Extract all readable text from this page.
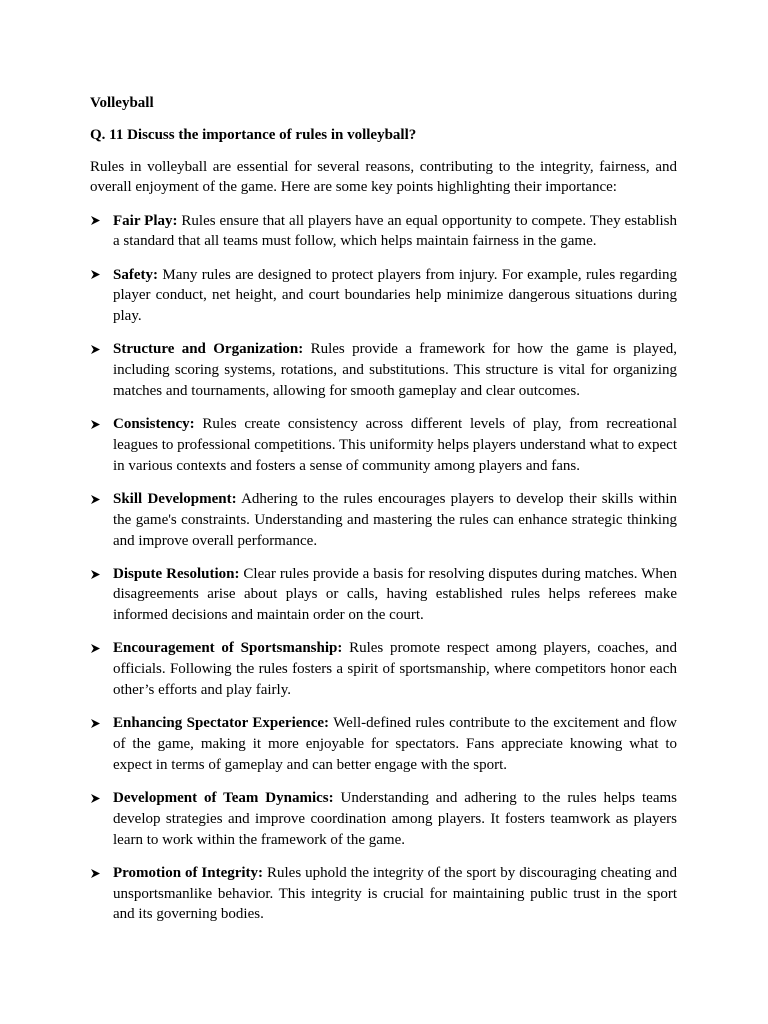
Volleyball

Q. 11 Discuss the importance of rules in volleyball?

Rules in volleyball are essential for several reasons, contributing to the integrity, fairness, and overall enjoyment of the game. Here are some key points highlighting their importance:

Fair Play: Rules ensure that all players have an equal opportunity to compete. They establish a standard that all teams must follow, which helps maintain fairness in the game.
Safety: Many rules are designed to protect players from injury. For example, rules regarding player conduct, net height, and court boundaries help minimize dangerous situations during play.
Structure and Organization: Rules provide a framework for how the game is played, including scoring systems, rotations, and substitutions. This structure is vital for organizing matches and tournaments, allowing for smooth gameplay and clear outcomes.
Consistency: Rules create consistency across different levels of play, from recreational leagues to professional competitions. This uniformity helps players understand what to expect in various contexts and fosters a sense of community among players and fans.
Skill Development: Adhering to the rules encourages players to develop their skills within the game's constraints. Understanding and mastering the rules can enhance strategic thinking and improve overall performance.
Dispute Resolution: Clear rules provide a basis for resolving disputes during matches. When disagreements arise about plays or calls, having established rules helps referees make informed decisions and maintain order on the court.
Encouragement of Sportsmanship: Rules promote respect among players, coaches, and officials. Following the rules fosters a spirit of sportsmanship, where competitors honor each other’s efforts and play fairly.
Enhancing Spectator Experience: Well-defined rules contribute to the excitement and flow of the game, making it more enjoyable for spectators. Fans appreciate knowing what to expect in terms of gameplay and can better engage with the sport.
Development of Team Dynamics: Understanding and adhering to the rules helps teams develop strategies and improve coordination among players. It fosters teamwork as players learn to work within the framework of the game.
Promotion of Integrity: Rules uphold the integrity of the sport by discouraging cheating and unsportsmanlike behavior. This integrity is crucial for maintaining public trust in the sport and its governing bodies.
